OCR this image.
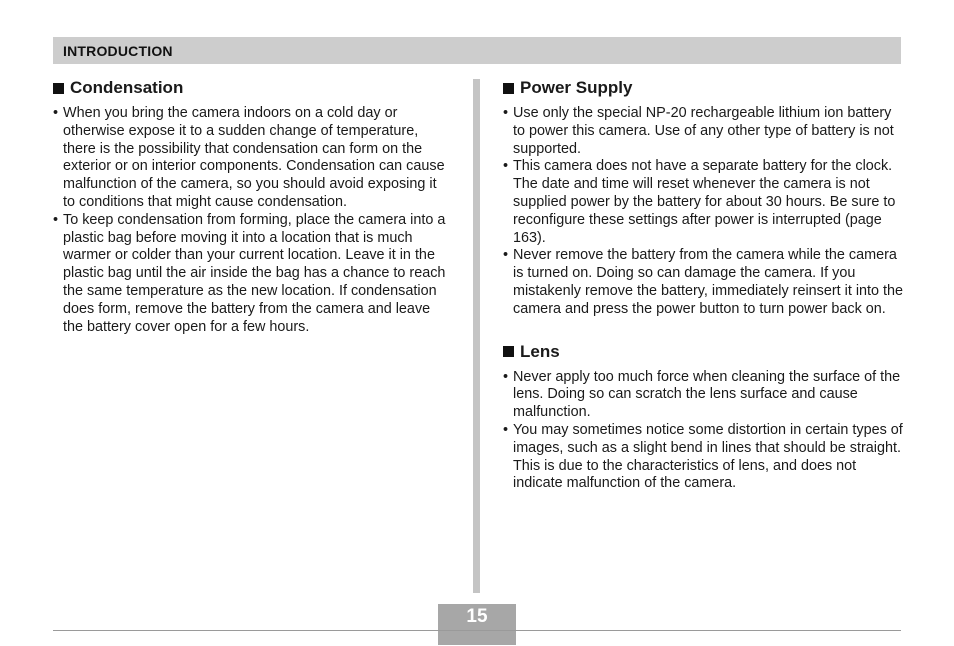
INTRODUCTION
Condensation
• When you bring the camera indoors on a cold day or otherwise expose it to a sudden change of temperature, there is the possibility that condensation can form on the exterior or on interior components. Condensation can cause malfunction of the camera, so you should avoid exposing it to conditions that might cause condensation.
• To keep condensation from forming, place the camera into a plastic bag before moving it into a location that is much warmer or colder than your current location. Leave it in the plastic bag until the air inside the bag has a chance to reach the same temperature as the new location. If condensation does form, remove the battery from the camera and leave the battery cover open for a few hours.
Power Supply
• Use only the special NP-20 rechargeable lithium ion battery to power this camera. Use of any other type of battery is not supported.
• This camera does not have a separate battery for the clock. The date and time will reset whenever the camera is not supplied power by the battery for about 30 hours. Be sure to reconfigure these settings after power is interrupted (page 163).
• Never remove the battery from the camera while the camera is turned on. Doing so can damage the camera. If you mistakenly remove the battery, immediately reinsert it into the camera and press the power button to turn power back on.
Lens
• Never apply too much force when cleaning the surface of the lens. Doing so can scratch the lens surface and cause malfunction.
• You may sometimes notice some distortion in certain types of images, such as a slight bend in lines that should be straight. This is due to the characteristics of lens, and does not indicate malfunction of the camera.
15
